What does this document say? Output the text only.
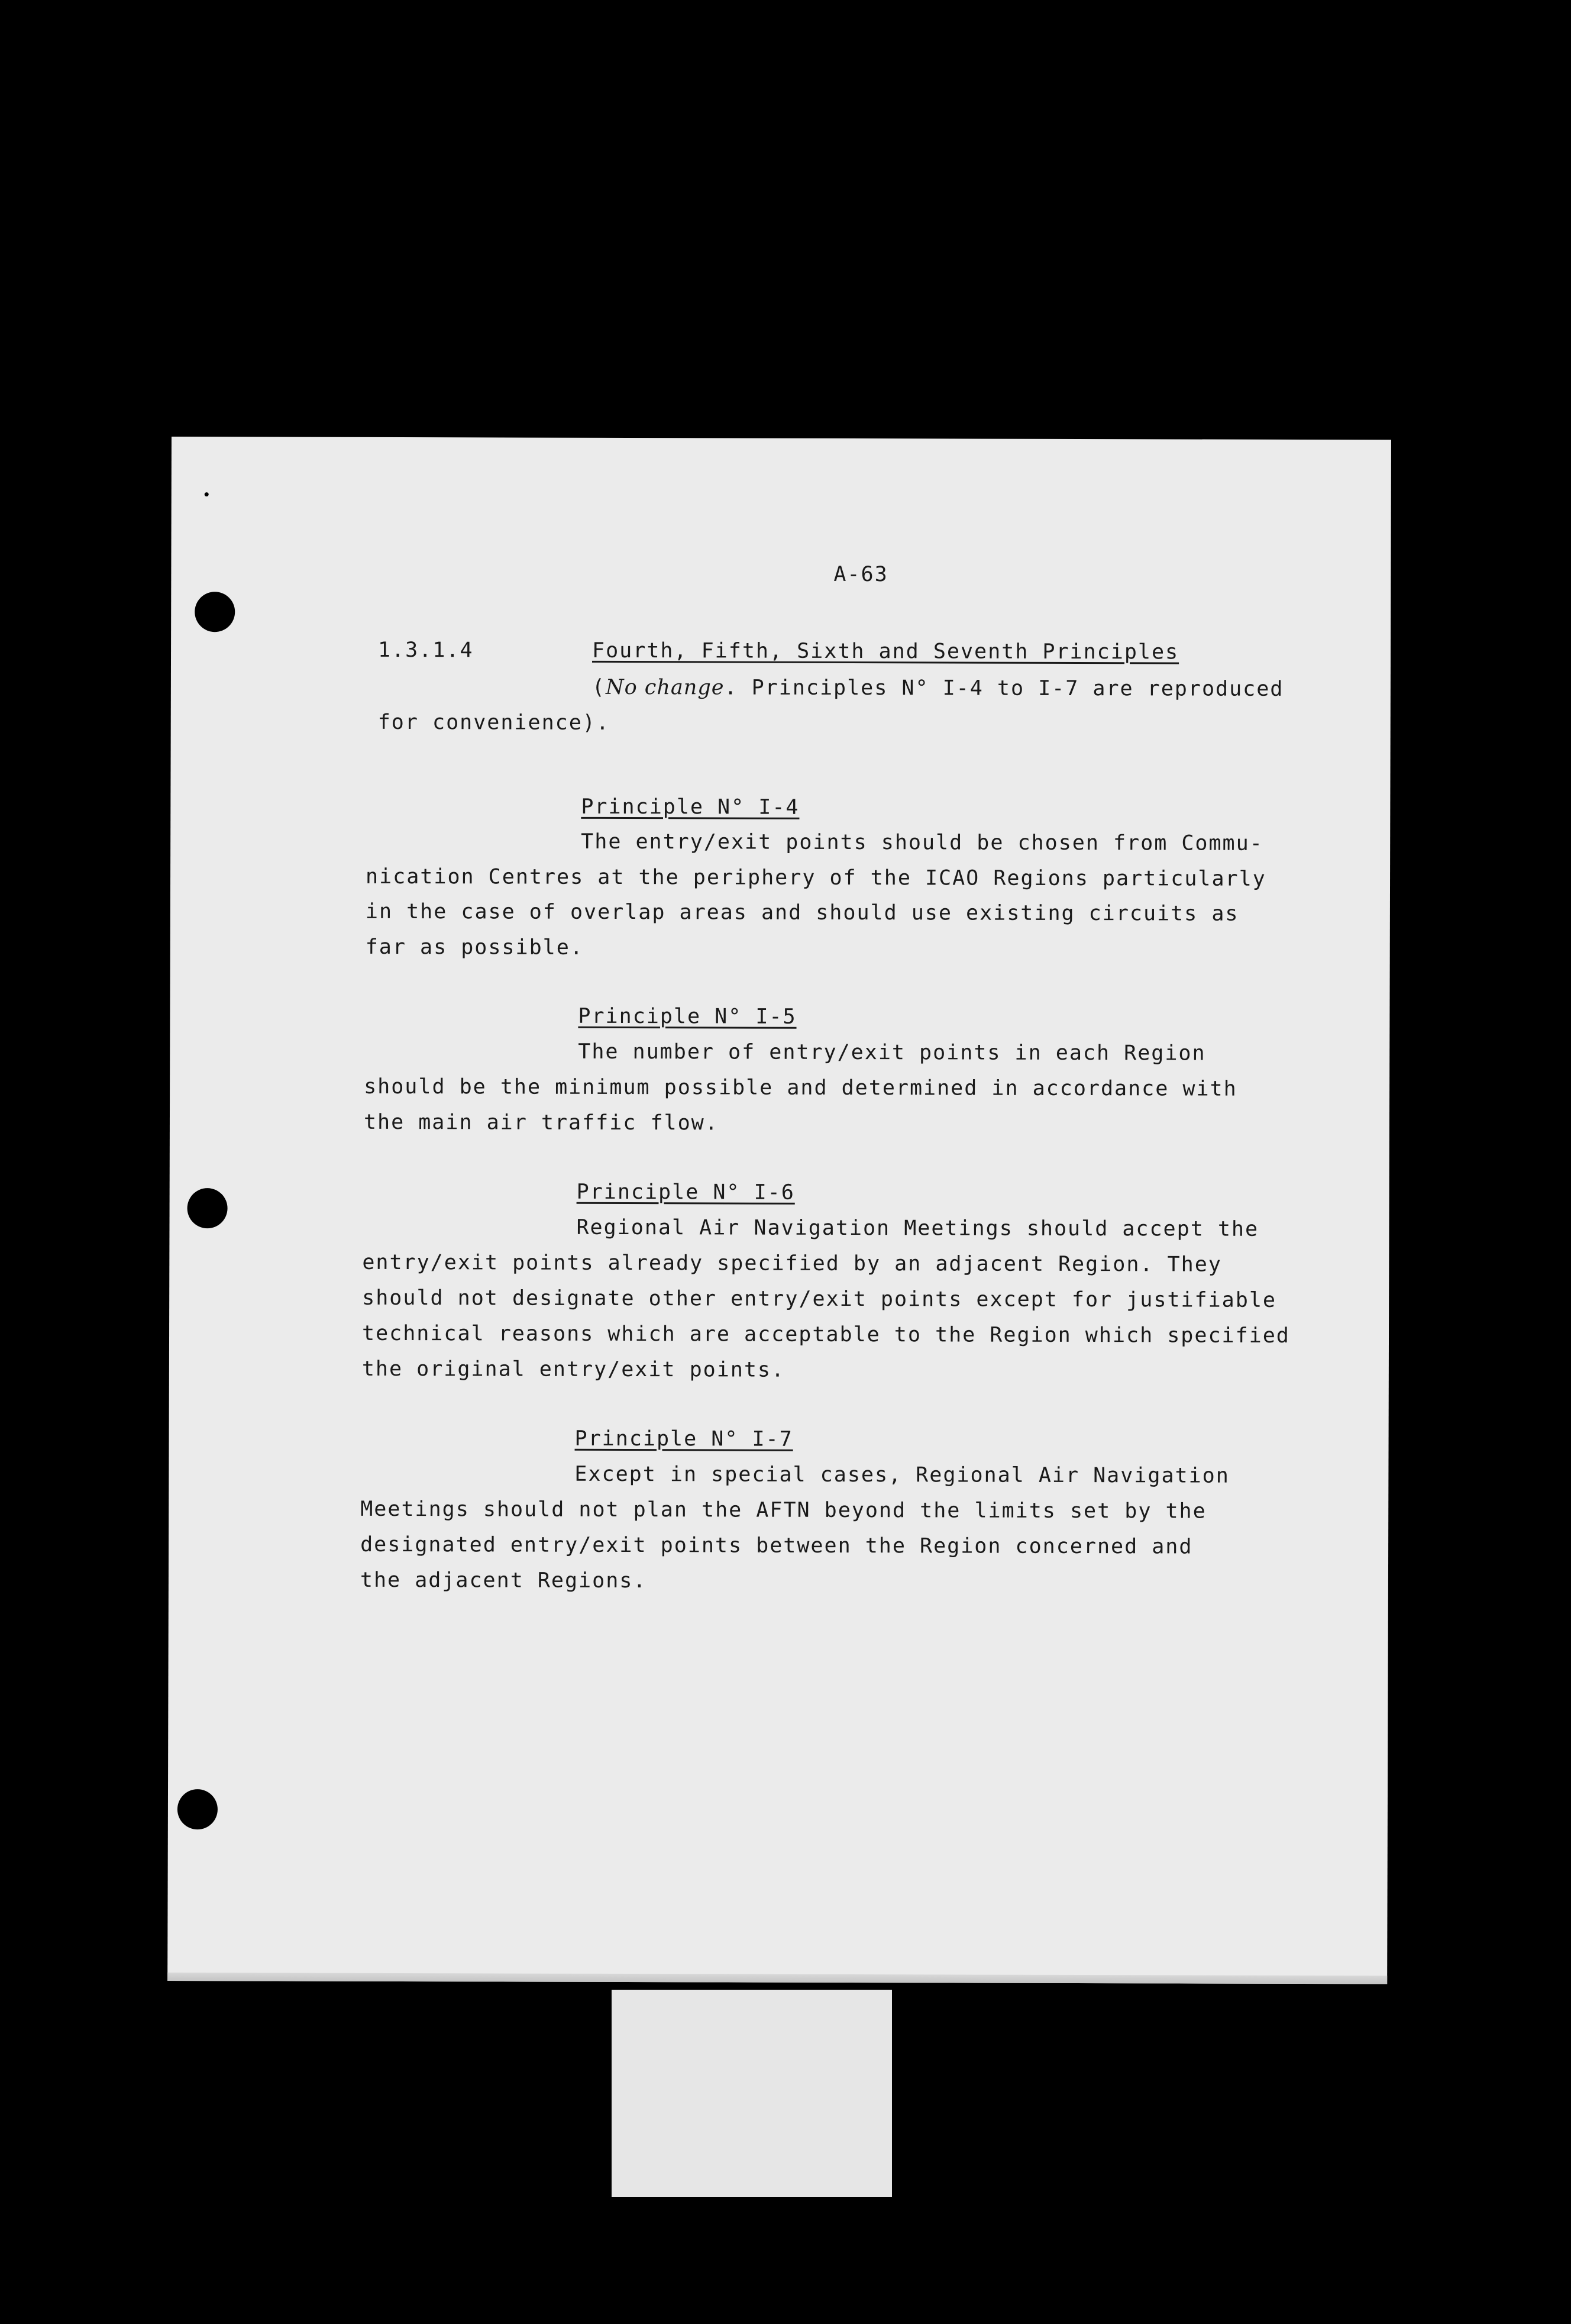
A-63
1.3.1.4	Fourth, Fifth, Sixth and Seventh Principles
(No change. Principles N° I-4 to I-7 are reproduced
for convenience).
Principle N° I-4
The entry/exit points should be chosen from Commu-
nication Centres at the periphery of the ICAO Regions particularly
in the case of overlap areas and should use existing circuits as
far as possible.
Principle N° I-5
The number of entry/exit points in each Region
should be the minimum possible and determined in accordance with
the main air traffic flow.
Principle N° I-6
Regional Air Navigation Meetings should accept the
entry/exit points already specified by an adjacent Region. They
should not designate other entry/exit points except for justifiable
technical reasons which are acceptable to the Region which specified
the original entry/exit points.
Principle N° I-7
Except in special cases, Regional Air Navigation
Meetings should not plan the AFTN beyond the limits set by the
designated entry/exit points between the Region concerned and
the adjacent Regions.
